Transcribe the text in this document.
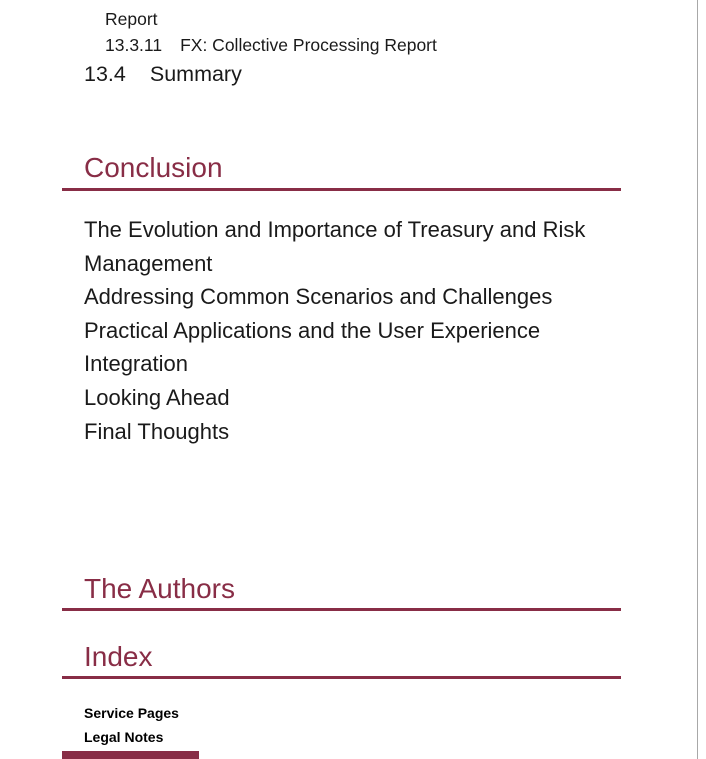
Report
13.3.11 FX: Collective Processing Report
13.4 Summary
Conclusion
The Evolution and Importance of Treasury and Risk Management
Addressing Common Scenarios and Challenges
Practical Applications and the User Experience
Integration
Looking Ahead
Final Thoughts
The Authors
Index
Service Pages
Legal Notes
